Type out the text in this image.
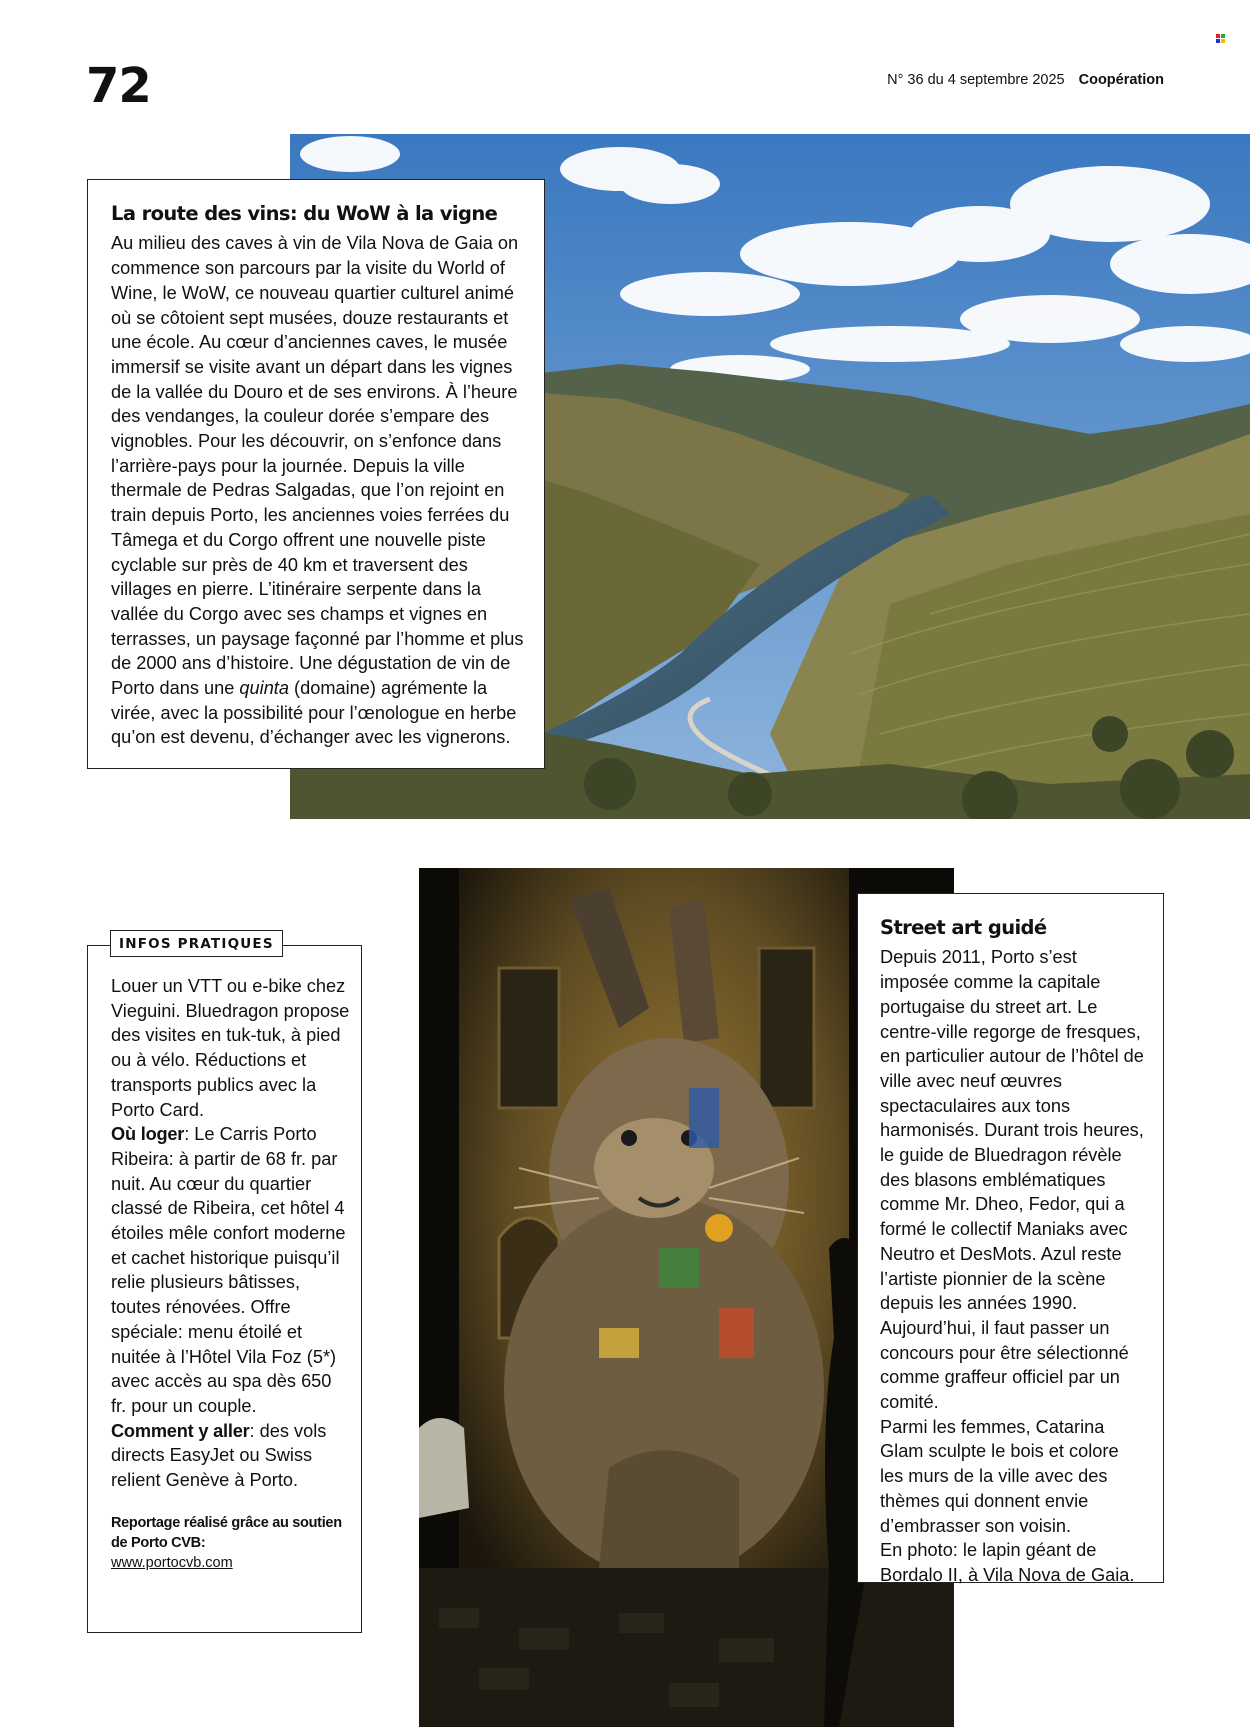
72	N° 36 du 4 septembre 2025 Coopération
La route des vins: du WoW à la vigne

Au milieu des caves à vin de Vila Nova de Gaia on commence son parcours par la visite du World of Wine, le WoW, ce nouveau quartier culturel animé où se côtoient sept musées, douze restaurants et une école. Au cœur d’anciennes caves, le musée immersif se visite avant un départ dans les vignes de la vallée du Douro et de ses environs. À l’heure des vendanges, la couleur dorée s’empare des vignobles. Pour les découvrir, on s’enfonce dans l’arrière-pays pour la journée. Depuis la ville thermale de Pedras Salgadas, que l’on rejoint en train depuis Porto, les anciennes voies ferrées du Tâmega et du Corgo offrent une nouvelle piste cyclable sur près de 40 km et traversent des villages en pierre. L’itinéraire serpente dans la vallée du Corgo avec ses champs et vignes en terrasses, un paysage façonné par l’homme et plus de 2000 ans d’histoire. Une dégustation de vin de Porto dans une quinta (domaine) agrémente la virée, avec la possibilité pour l’œnologue en herbe qu’on est devenu, d’échanger avec les vignerons.

Street art guidé

Depuis 2011, Porto s’est imposée comme la capitale portugaise du street art. Le centre-ville regorge de fresques, en particulier autour de l’hôtel de ville avec neuf œuvres spectaculaires aux tons harmonisés. Durant trois heures, le guide de Bluedragon révèle des blasons emblématiques comme Mr. Dheo, Fedor, qui a formé le collectif Maniaks avec Neutro et DesMots. Azul reste l’artiste pionnier de la scène depuis les années 1990. Aujourd’hui, il faut passer un concours pour être sélectionné comme graffeur officiel par un comité.

Parmi les femmes, Catarina Glam sculpte le bois et colore les murs de la ville avec des thèmes qui donnent envie d’embrasser son voisin.

En photo: le lapin géant de Bordalo II, à Vila Nova de Gaia.

Louer un VTT ou e-bike chez Vieguini. Bluedragon propose des visites en tuk-tuk, à pied ou à vélo. Réductions et transports publics avec la Porto Card.

Où loger: Le Carris Porto Ribeira: à partir de 68 fr. par nuit. Au cœur du quartier classé de Ribeira, cet hôtel 4 étoiles mêle confort moderne et cachet historique puisqu’il relie plusieurs bâtisses, toutes rénovées. Offre spéciale: menu étoilé et nuitée à l’Hôtel Vila Foz (5*) avec accès au spa dès 650 fr. pour un couple.

Comment y aller: des vols directs EasyJet ou Swiss relient Genève à Porto.

Reportage réalisé grâce au soutien de Porto CVB:
www.portocvb.com
INFOS PRATIQUES
